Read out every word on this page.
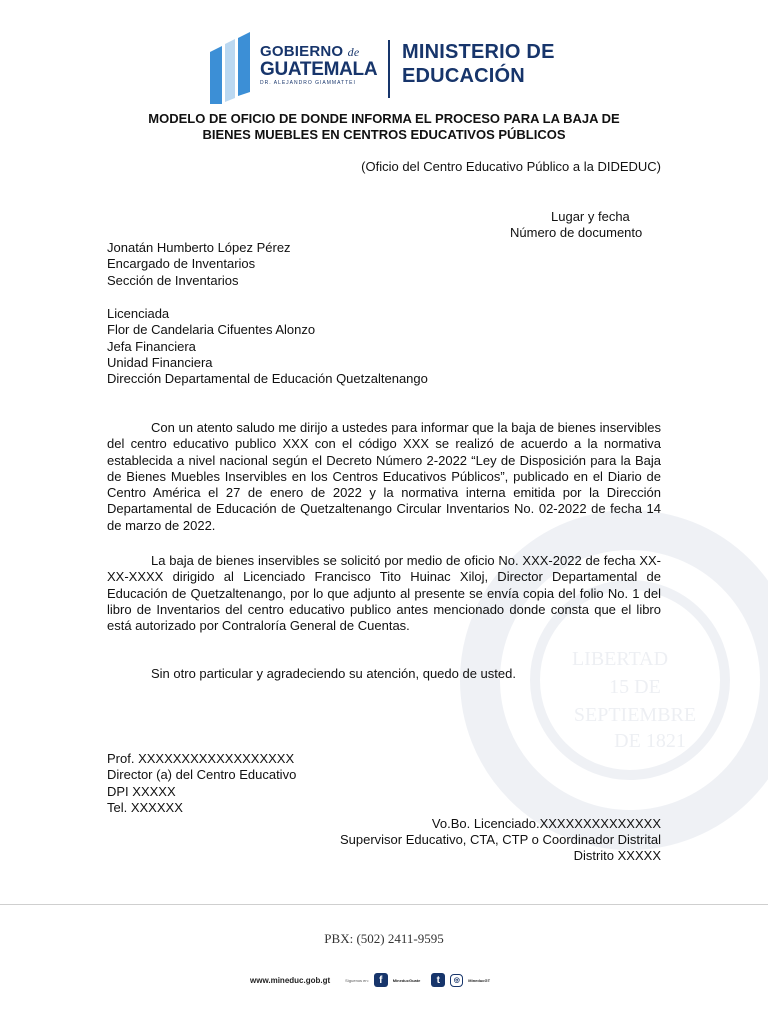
LIBERTAD
15 DE
SEPTIEMBRE
DE 1821
GOBIERNO de
GUATEMALA
DR. ALEJANDRO GIAMMATTEI
MINISTERIO DE
EDUCACIÓN
MODELO DE OFICIO DE DONDE INFORMA EL PROCESO PARA LA BAJA DE
BIENES MUEBLES EN CENTROS EDUCATIVOS PÚBLICOS
(Oficio del Centro Educativo Público a la DIDEDUC)
Lugar y fecha
Número de documento
Jonatán Humberto López Pérez
Encargado de Inventarios
Sección de Inventarios
Licenciada
Flor de Candelaria Cifuentes Alonzo
Jefa Financiera
Unidad Financiera
Dirección Departamental de Educación Quetzaltenango
Con un atento saludo me dirijo a ustedes para informar que la baja de bienes inservibles del centro educativo publico XXX con el código XXX se realizó de acuerdo a la normativa establecida a nivel nacional según el Decreto Número 2-2022 “Ley de Disposición para la Baja de Bienes Muebles Inservibles en los Centros Educativos Públicos”, publicado en el Diario de Centro América el 27 de enero de 2022 y la normativa interna emitida por la Dirección Departamental de Educación de Quetzaltenango Circular Inventarios No. 02-2022 de fecha 14 de marzo de 2022.
La baja de bienes inservibles se solicitó por medio de oficio No. XXX-2022 de fecha XX-XX-XXXX dirigido al Licenciado Francisco Tito Huinac Xiloj, Director Departamental de Educación de Quetzaltenango, por lo que adjunto al presente se envía copia del folio No. 1 del libro de Inventarios del centro educativo publico antes mencionado donde consta que el libro está autorizado por Contraloría General de Cuentas.
Sin otro particular y agradeciendo su atención, quedo de usted.
Prof. XXXXXXXXXXXXXXXXXX
Director (a) del Centro Educativo
DPI XXXXX
Tel. XXXXXX
Vo.Bo. Licenciado.XXXXXXXXXXXXXX
Supervisor Educativo, CTA, CTP o Coordinador Distrital
Distrito XXXXX
PBX: (502) 2411-9595
www.mineduc.gob.gt	Síguenos en:	f	MineducGuate	t	◎	MineducGT
